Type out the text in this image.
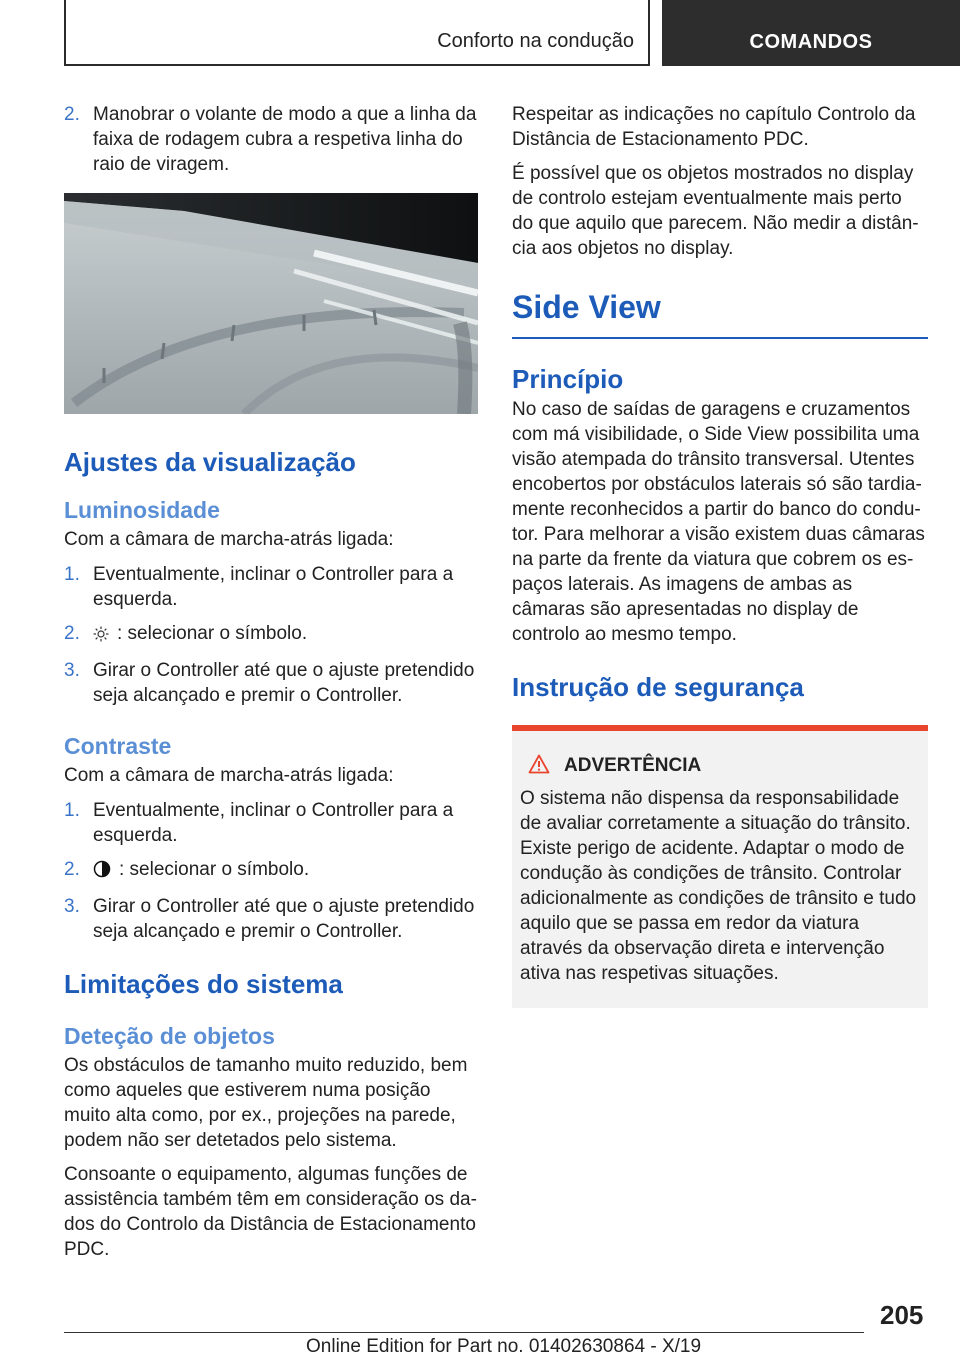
Conforto na condução	COMANDOS
2. Manobrar o volante de modo a que a linha da faixa de rodagem cubra a respetiva linha do raio de viragem.
Ajustes da visualização
Luminosidade
Com a câmara de marcha-atrás ligada:
1. Eventualmente, inclinar o Controller para a esquerda.
2. : selecionar o símbolo.
3. Girar o Controller até que o ajuste pretendido seja alcançado e premir o Controller.
Contraste
Com a câmara de marcha-atrás ligada:
1. Eventualmente, inclinar o Controller para a esquerda.
2. : selecionar o símbolo.
3. Girar o Controller até que o ajuste pretendido seja alcançado e premir o Controller.
Limitações do sistema
Deteção de objetos
Os obstáculos de tamanho muito reduzido, bem como aqueles que estiverem numa posição muito alta como, por ex., projeções na parede, podem não ser detetados pelo sistema.
Consoante o equipamento, algumas funções de assistência também têm em consideração os da-dos do Controlo da Distância de Estacionamento PDC.
Respeitar as indicações no capítulo Controlo da Distância de Estacionamento PDC.
É possível que os objetos mostrados no display de controlo estejam eventualmente mais perto do que aquilo que parecem. Não medir a distân-cia aos objetos no display.
Side View
Princípio
No caso de saídas de garagens e cruzamentos com má visibilidade, o Side View possibilita uma visão atempada do trânsito transversal. Utentes encobertos por obstáculos laterais só são tardia-mente reconhecidos a partir do banco do condu-tor. Para melhorar a visão existem duas câmaras na parte da frente da viatura que cobrem os es-paços laterais. As imagens de ambas as câmaras são apresentadas no display de controlo ao mesmo tempo.
Instrução de segurança
ADVERTÊNCIA
O sistema não dispensa da responsabilidade de avaliar corretamente a situação do trânsito. Existe perigo de acidente. Adaptar o modo de condução às condições de trânsito. Controlar adicionalmente as condições de trânsito e tudo aquilo que se passa em redor da viatura através da observação direta e intervenção ativa nas respetivas situações.
205
Online Edition for Part no. 01402630864 - X/19
